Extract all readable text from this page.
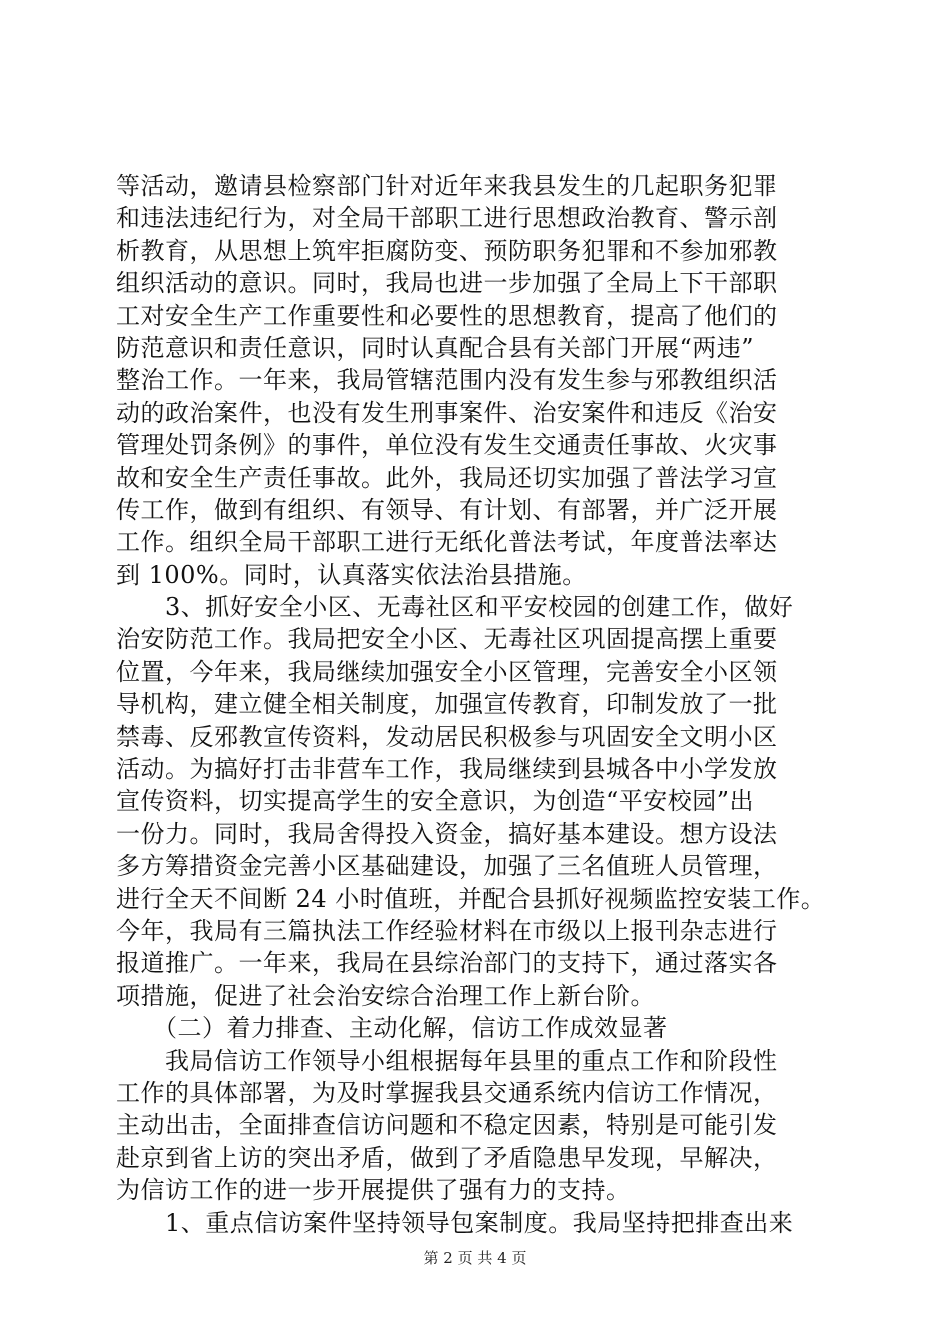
等活动，邀请县检察部门针对近年来我县发生的几起职务犯罪
和违法违纪行为，对全局干部职工进行思想政治教育、警示剖
析教育，从思想上筑牢拒腐防变、预防职务犯罪和不参加邪教
组织活动的意识。同时，我局也进一步加强了全局上下干部职
工对安全生产工作重要性和必要性的思想教育，提高了他们的
防范意识和责任意识，同时认真配合县有关部门开展“两违”
整治工作。一年来，我局管辖范围内没有发生参与邪教组织活
动的政治案件，也没有发生刑事案件、治安案件和违反《治安
管理处罚条例》的事件，单位没有发生交通责任事故、火灾事
故和安全生产责任事故。此外，我局还切实加强了普法学习宣
传工作，做到有组织、有领导、有计划、有部署，并广泛开展
工作。组织全局干部职工进行无纸化普法考试，年度普法率达
到 100%。同时，认真落实依法治县措施。
　　3、抓好安全小区、无毒社区和平安校园的创建工作，做好
治安防范工作。我局把安全小区、无毒社区巩固提高摆上重要
位置，今年来，我局继续加强安全小区管理，完善安全小区领
导机构，建立健全相关制度，加强宣传教育，印制发放了一批
禁毒、反邪教宣传资料，发动居民积极参与巩固安全文明小区
活动。为搞好打击非营车工作，我局继续到县城各中小学发放
宣传资料，切实提高学生的安全意识，为创造“平安校园”出
一份力。同时，我局舍得投入资金，搞好基本建设。想方设法
多方筹措资金完善小区基础建设，加强了三名值班人员管理，
进行全天不间断 24 小时值班，并配合县抓好视频监控安装工作。
今年，我局有三篇执法工作经验材料在市级以上报刊杂志进行
报道推广。一年来，我局在县综治部门的支持下，通过落实各
项措施，促进了社会治安综合治理工作上新台阶。
　　（二）着力排查、主动化解，信访工作成效显著
　　我局信访工作领导小组根据每年县里的重点工作和阶段性
工作的具体部署，为及时掌握我县交通系统内信访工作情况，
主动出击，全面排查信访问题和不稳定因素，特别是可能引发
赴京到省上访的突出矛盾，做到了矛盾隐患早发现，早解决，
为信访工作的进一步开展提供了强有力的支持。
　　1、重点信访案件坚持领导包案制度。我局坚持把排查出来
第 2 页 共 4 页
